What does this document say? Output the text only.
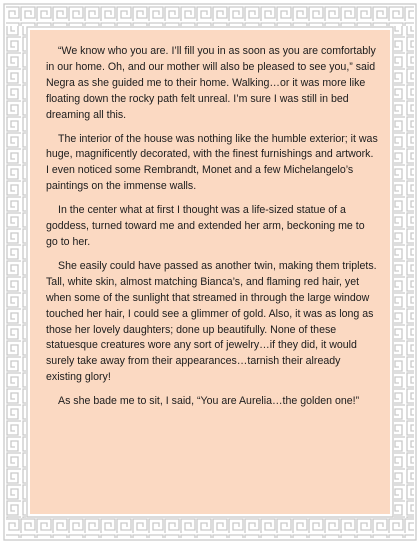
“We know who you are. I’ll fill you in as soon as you are comfortably in our home. Oh, and our mother will also be pleased to see you,” said Negra as she guided me to their home. Walking…or it was more like floating down the rocky path felt unreal. I’m sure I was still in bed dreaming all this.

The interior of the house was nothing like the humble exterior; it was huge, magnificently decorated, with the finest furnishings and artwork. I even noticed some Rembrandt, Monet and a few Michelangelo’s paintings on the immense walls.

In the center what at first I thought was a life-sized statue of a goddess, turned toward me and extended her arm, beckoning me to go to her.

She easily could have passed as another twin, making them triplets. Tall, white skin, almost matching Bianca’s, and flaming red hair, yet when some of the sunlight that streamed in through the large window touched her hair, I could see a glimmer of gold. Also, it was as long as those her lovely daughters; done up beautifully. None of these statuesque creatures wore any sort of jewelry…if they did, it would surely take away from their appearances…tarnish their already existing glory!

As she bade me to sit, I said, “You are Aurelia…the golden one!”
